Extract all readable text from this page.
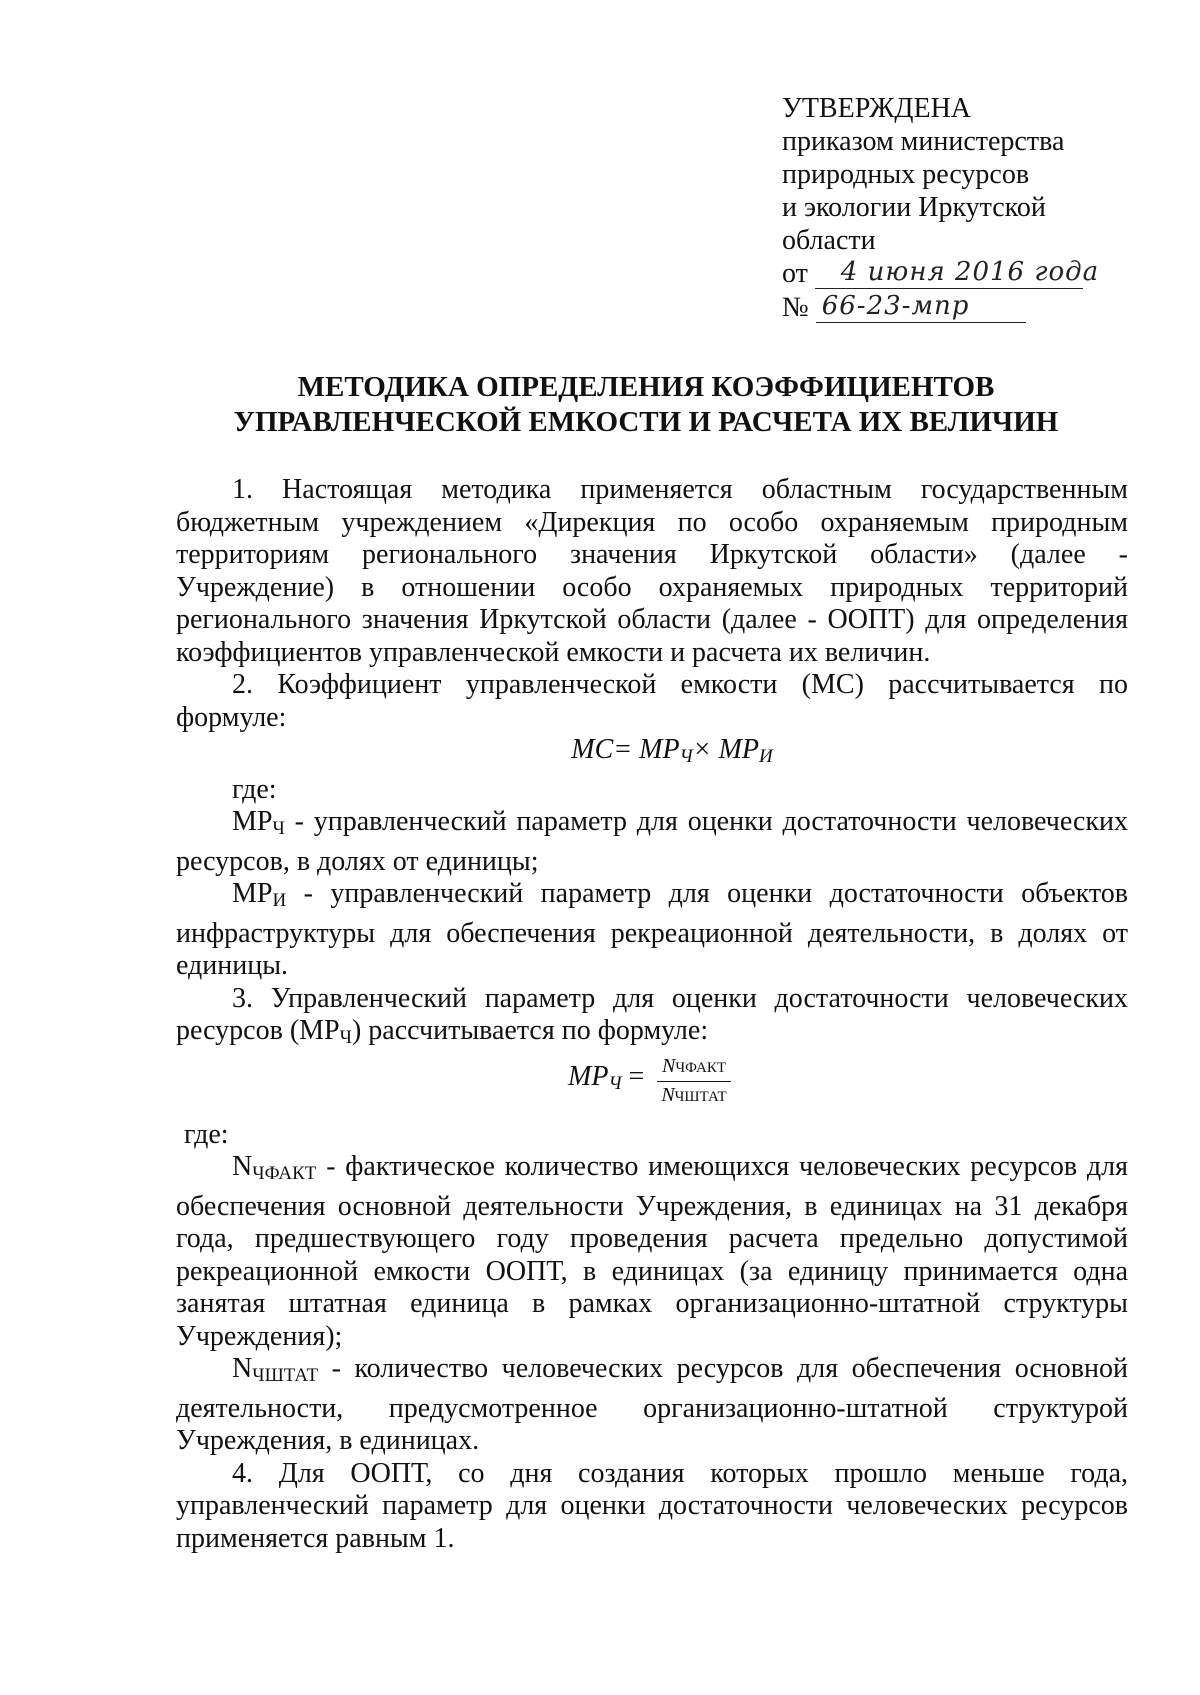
УТВЕРЖДЕНА
приказом министерства
природных ресурсов
и экологии Иркутской
области
от 4 июня 2016 года
№ 66-23-мпр
МЕТОДИКА ОПРЕДЕЛЕНИЯ КОЭФФИЦИЕНТОВ
УПРАВЛЕНЧЕСКОЙ ЕМКОСТИ И РАСЧЕТА ИХ ВЕЛИЧИН

1. Настоящая методика применяется областным государственным бюджетным учреждением «Дирекция по особо охраняемым природным территориям регионального значения Иркутской области» (далее - Учреждение) в отношении особо охраняемых природных территорий регионального значения Иркутской области (далее - ООПТ) для определения коэффициентов управленческой емкости и расчета их величин.

2. Коэффициент управленческой емкости (MC) рассчитывается по формуле:

MC= MPЧ× MPИ

где:

$MP_Ч$ - управленческий параметр для оценки достаточности человеческих ресурсов, в долях от единицы;

$MP_И$ - управленческий параметр для оценки достаточности объектов инфраструктуры для обеспечения рекреационной деятельности, в долях от единицы.

3. Управленческий параметр для оценки достаточности человеческих ресурсов $(MP_Ч)$ рассчитывается по формуле:

MPЧ = $\frac{\text{NЧФАКТ}}{\text{NЧШТАТ}}$

где:

$N_{ЧФАКТ}$ - фактическое количество имеющихся человеческих ресурсов для обеспечения основной деятельности Учреждения, в единицах на 31 декабря года, предшествующего году проведения расчета предельно допустимой рекреационной емкости ООПТ, в единицах (за единицу принимается одна занятая штатная единица в рамках организационно-штатной структуры Учреждения);

$N_{ЧШТАТ}$ - количество человеческих ресурсов для обеспечения основной деятельности, предусмотренное организационно-штатной структурой Учреждения, в единицах.

4. Для ООПТ, со дня создания которых прошло меньше года, управленческий параметр для оценки достаточности человеческих ресурсов применяется равным 1.
